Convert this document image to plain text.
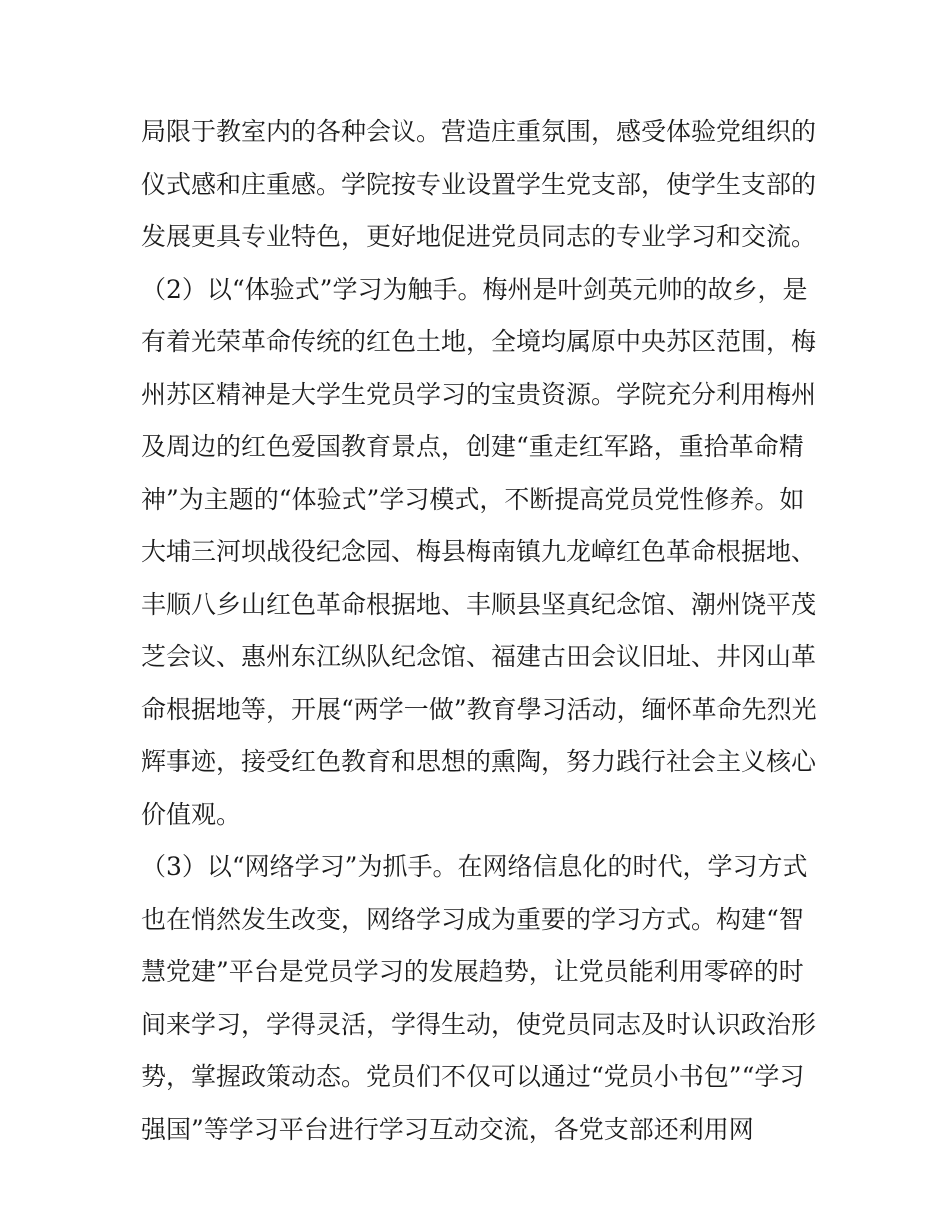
局限于教室内的各种会议。营造庄重氛围，感受体验党组织的
仪式感和庄重感。学院按专业设置学生党支部，使学生支部的
发展更具专业特色，更好地促进党员同志的专业学习和交流。
（2）以“体验式”学习为触手。梅州是叶剑英元帅的故乡，是
有着光荣革命传统的红色土地，全境均属原中央苏区范围，梅
州苏区精神是大学生党员学习的宝贵资源。学院充分利用梅州
及周边的红色爱国教育景点，创建“重走红军路，重拾革命精
神”为主题的“体验式”学习模式，不断提高党员党性修养。如
大埔三河坝战役纪念园、梅县梅南镇九龙嶂红色革命根据地、
丰顺八乡山红色革命根据地、丰顺县坚真纪念馆、潮州饶平茂
芝会议、惠州东江纵队纪念馆、福建古田会议旧址、井冈山革
命根据地等，开展“两学一做”教育學习活动，缅怀革命先烈光
辉事迹，接受红色教育和思想的熏陶，努力践行社会主义核心
价值观。
（3）以“网络学习”为抓手。在网络信息化的时代，学习方式
也在悄然发生改变，网络学习成为重要的学习方式。构建“智
慧党建”平台是党员学习的发展趋势，让党员能利用零碎的时
间来学习，学得灵活，学得生动，使党员同志及时认识政治形
势，掌握政策动态。党员们不仅可以通过“党员小书包”“学习
强国”等学习平台进行学习互动交流，各党支部还利用网
